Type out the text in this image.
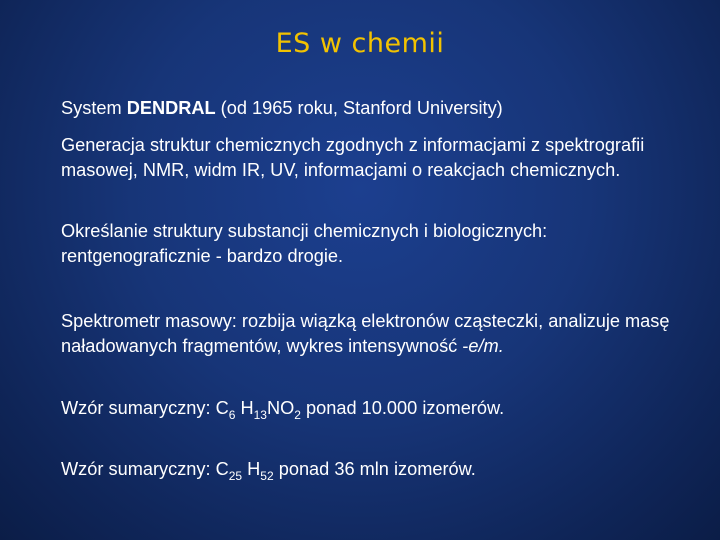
ES w chemii

System DENDRAL (od 1965 roku, Stanford University)

Generacja struktur chemicznych zgodnych z informacjami z spektrografii masowej, NMR, widm IR, UV, informacjami o reakcjach chemicznych.

Określanie struktury substancji chemicznych i biologicznych: rentgenograficznie - bardzo drogie.

Spektrometr masowy: rozbija wiązką elektronów cząsteczki, analizuje masę naładowanych fragmentów, wykres intensywność -e/m.

Wzór sumaryczny: $C_6$ $H_{13}NO_2$ ponad 10.000 izomerów.

Wzór sumaryczny: $C_{25}$ $H_{52}$ ponad 36 mln izomerów.
